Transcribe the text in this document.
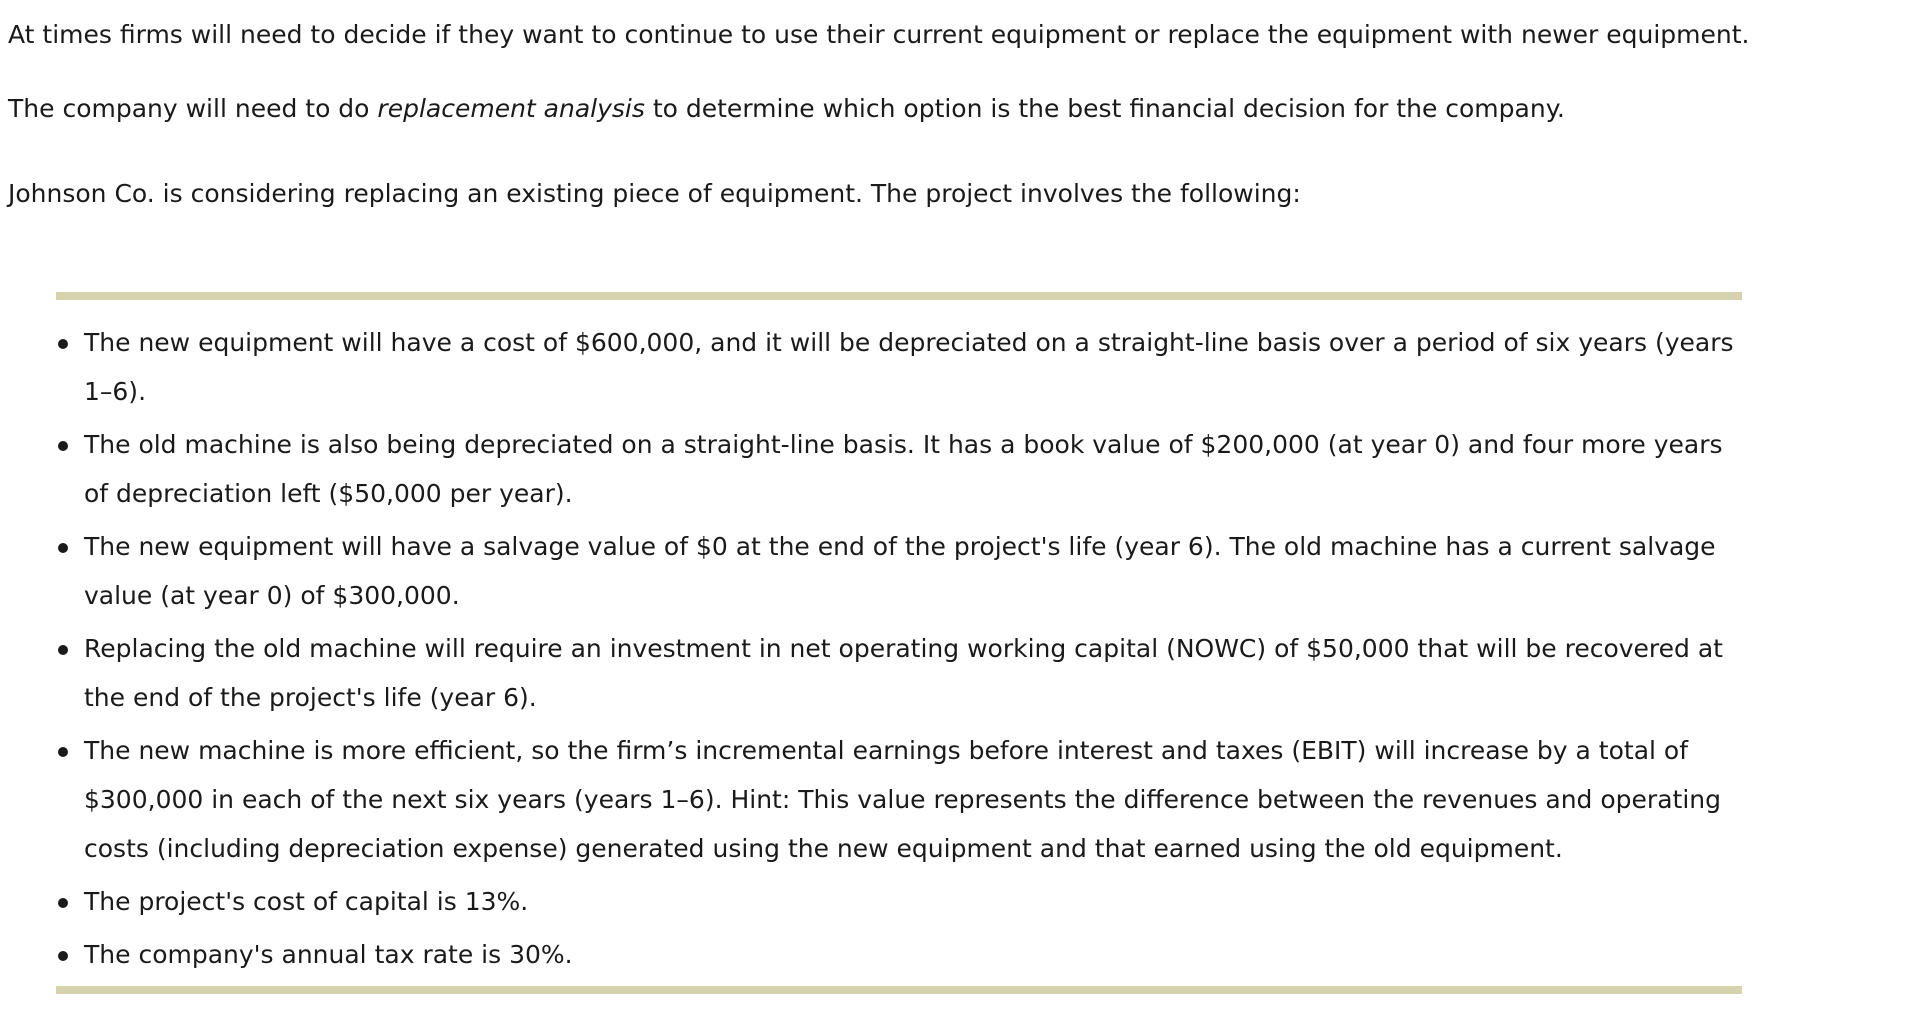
At times firms will need to decide if they want to continue to use their current equipment or replace the equipment with newer equipment.

The company will need to do replacement analysis to determine which option is the best financial decision for the company.

Johnson Co. is considering replacing an existing piece of equipment. The project involves the following:

The new equipment will have a cost of $600,000, and it will be depreciated on a straight-line basis over a period of six years (years 1–6).
The old machine is also being depreciated on a straight-line basis. It has a book value of $200,000 (at year 0) and four more years of depreciation left ($50,000 per year).
The new equipment will have a salvage value of $0 at the end of the project's life (year 6). The old machine has a current salvage value (at year 0) of $300,000.
Replacing the old machine will require an investment in net operating working capital (NOWC) of $50,000 that will be recovered at the end of the project's life (year 6).
The new machine is more efficient, so the firm’s incremental earnings before interest and taxes (EBIT) will increase by a total of $300,000 in each of the next six years (years 1–6). Hint: This value represents the difference between the revenues and operating costs (including depreciation expense) generated using the new equipment and that earned using the old equipment.
The project's cost of capital is 13%.
The company's annual tax rate is 30%.
